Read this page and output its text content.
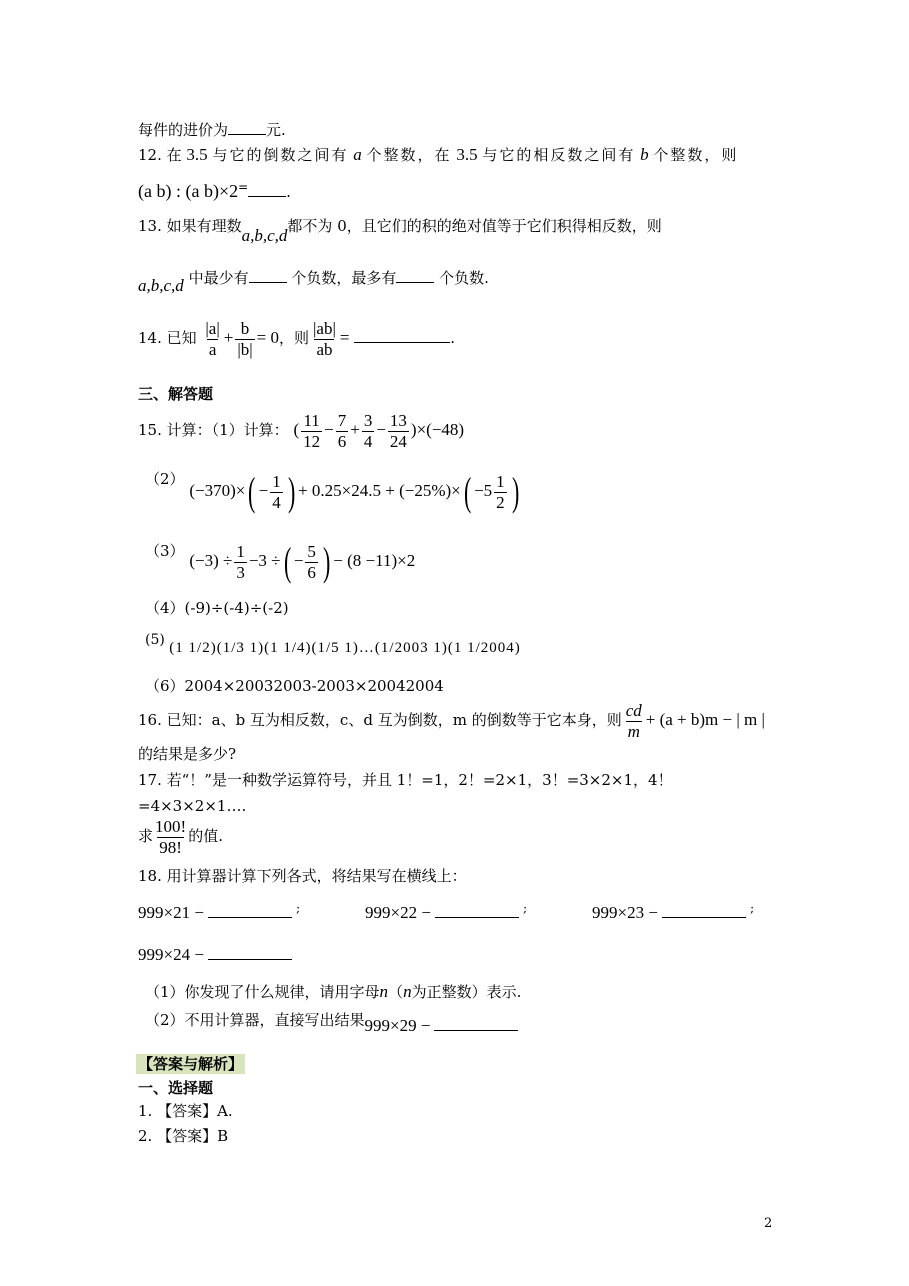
每件的进价为	元.
12. 在 3.5 与它的倒数之间有 a 个整数，在 3.5 与它的相反数之间有 b 个整数，则
(a b) : (a b)×2=	.
13. 如果有理数a,b,c,d都不为 0，且它们的积的绝对值等于它们积得相反数，则
a,b,c,d 中最少有	个负数，最多有	个负数.
14. 已知 $\frac{|a|}{a} + \frac{b}{|b|} = 0$，则 $\frac{|ab|}{ab}$ =	.
三、解答题
15. 计算：（1）计算： ( $\frac{11}{12} - \frac{7}{6} + \frac{3}{4} - \frac{13}{24} )\times(-48)$
（2） $(-370)\times( - \frac{1}{4}$ ) + $0.25\times 24.5 + (-25\%)\times( -5 \frac{1}{2}$ )
（3） $(-3) \div \frac{1}{3} -3$ ÷( − $\frac{5}{6}$ ) − (8 −11)×2
（4）(-9)÷(-4)÷(-2)
(5) (1 1/2)(1/3 1)(1 1/4)(1/5 1)…(1/2003 1)(1 1/2004)
（6）2004×20032003-2003×20042004
16. 已知：a、b 互为相反数，c、d 互为倒数，m 的倒数等于它本身，则 $\frac{cd}{m} + (a + b)m$ − | m |
的结果是多少?
17. 若“！”是一种数学运算符号，并且 1！=1，2！=2×1，3！=3×2×1，4！
=4×3×2×1….
求 $\frac{100!}{98!}$ 的值.
18. 用计算器计算下列各式，将结果写在横线上：
999×21 −	;	999×22 −	;	999×23 −	;
999×24 −
（1）你发现了什么规律，请用字母n（n为正整数）表示.
（2）不用计算器，直接写出结果999×29 −
【答案与解析】
一、选择题
1. 【答案】A.
2. 【答案】B
2
